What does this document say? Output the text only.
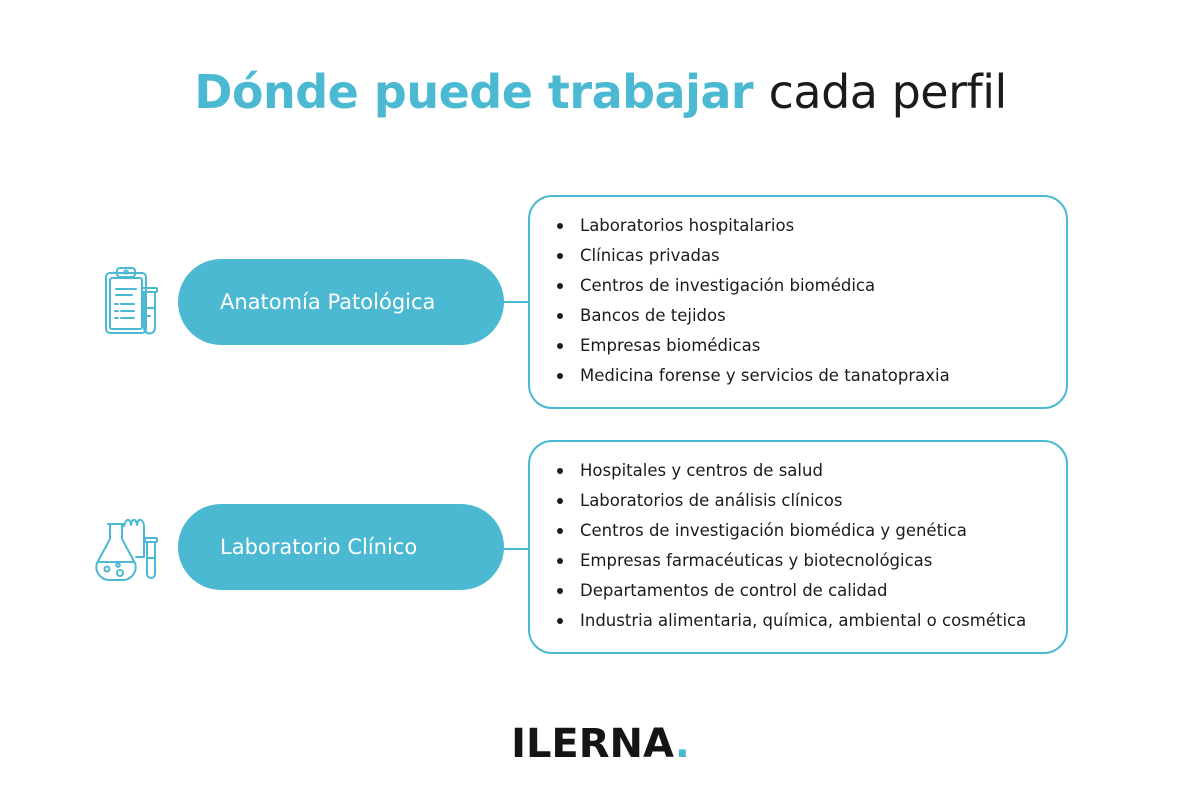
Dónde puede trabajar cada perfil
Anatomía Patológica
Laboratorios hospitalarios
Clínicas privadas
Centros de investigación biomédica
Bancos de tejidos
Empresas biomédicas
Medicina forense y servicios de tanatopraxia
Laboratorio Clínico
Hospitales y centros de salud
Laboratorios de análisis clínicos
Centros de investigación biomédica y genética
Empresas farmacéuticas y biotecnológicas
Departamentos de control de calidad
Industria alimentaria, química, ambiental o cosmética
ILERNA.
